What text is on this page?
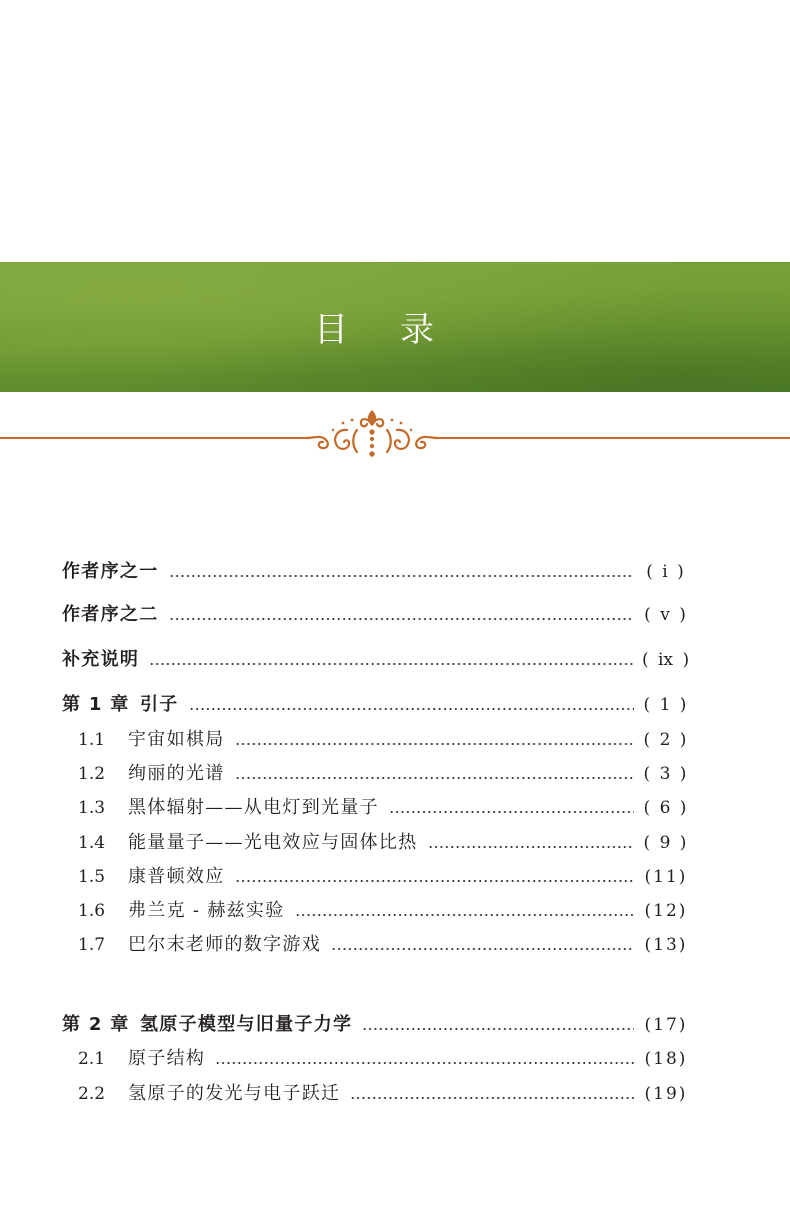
目 录
作者序之一	( ⅰ )
作者序之二	( ⅴ )
补充说明	( ⅸ )
第 1 章 引子	( 1 )
1.1	宇宙如棋局	( 2 )
1.2	绚丽的光谱	( 3 )
1.3	黑体辐射——从电灯到光量子	( 6 )
1.4	能量量子——光电效应与固体比热	( 9 )
1.5	康普顿效应	(11)
1.6	弗兰克 - 赫兹实验	(12)
1.7	巴尔末老师的数字游戏	(13)
第 2 章 氢原子模型与旧量子力学	(17)
2.1	原子结构	(18)
2.2	氢原子的发光与电子跃迁	(19)
